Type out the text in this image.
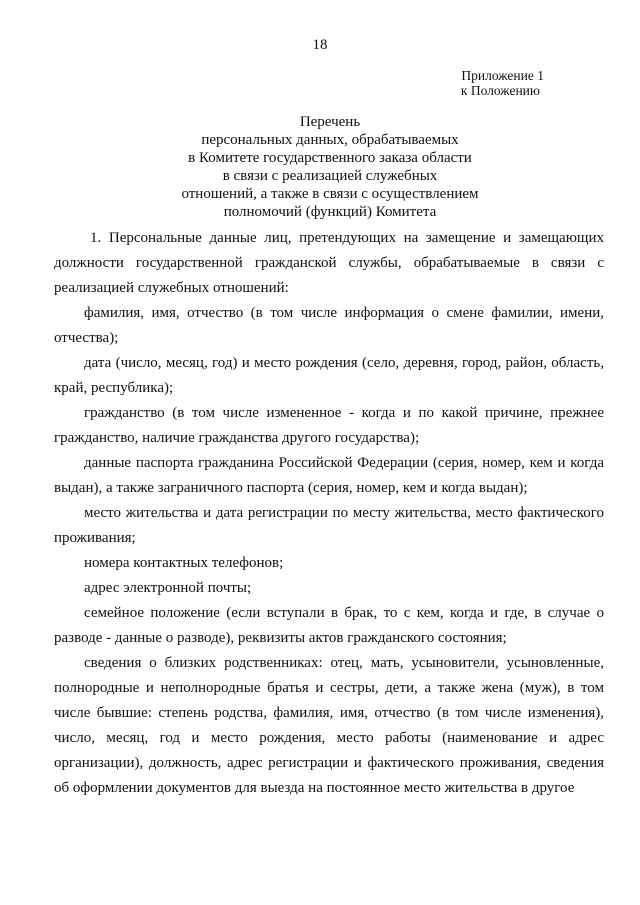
18
Приложение 1
к Положению
Перечень
персональных данных, обрабатываемых
в Комитете государственного заказа области
в связи с реализацией служебных
отношений, а также в связи с осуществлением
полномочий (функций) Комитета

1. Персональные данные лиц, претендующих на замещение и замещающих должности государственной гражданской службы, обрабатываемые в связи с реализацией служебных отношений:

фамилия, имя, отчество (в том числе информация о смене фамилии, имени, отчества);

дата (число, месяц, год) и место рождения (село, деревня, город, район, область, край, республика);

гражданство (в том числе измененное - когда и по какой причине, прежнее гражданство, наличие гражданства другого государства);

данные паспорта гражданина Российской Федерации (серия, номер, кем и когда выдан), а также заграничного паспорта (серия, номер, кем и когда выдан);

место жительства и дата регистрации по месту жительства, место фактического проживания;

номера контактных телефонов;

адрес электронной почты;

семейное положение (если вступали в брак, то с кем, когда и где, в случае о разводе - данные о разводе), реквизиты актов гражданского состояния;

сведения о близких родственниках: отец, мать, усыновители, усыновленные, полнородные и неполнородные братья и сестры, дети, а также жена (муж), в том числе бывшие: степень родства, фамилия, имя, отчество (в том числе изменения), число, месяц, год и место рождения, место работы (наименование и адрес организации), должность, адрес регистрации и фактического проживания, сведения об оформлении документов для выезда на постоянное место жительства в другое
